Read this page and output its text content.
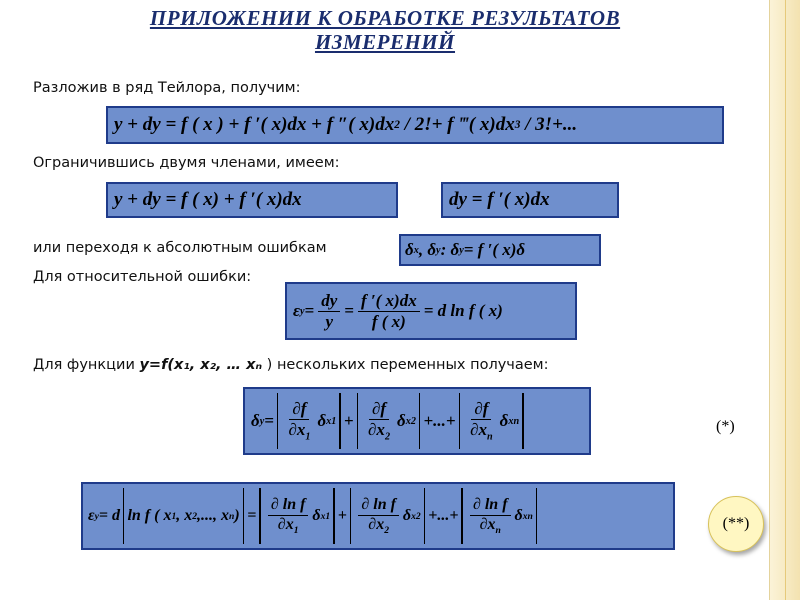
ПРИЛОЖЕНИИ К ОБРАБОТКЕ РЕЗУЛЬТАТОВ
ИЗМЕРЕНИЙ
Разложив в ряд Тейлора, получим:
y + dy = f ( x ) + f ′( x)dx + f ″( x)dx 2 / 2!+ f ‴( x)dx 3 / 3!+...
Ограничившись двумя членами, имеем:
y + dy = f ( x) + f ′( x)dx	dy = f ′( x)dx
или переходя к абсолютным ошибкам	δ x , δ y : δ y = f ′( x)δ
Для относительной ошибки:
ε $y = \frac{dy}{y} = \frac{f '( x)dx}{f ( x)} = d$ ln f ( x)
Для функции y=f(x₁, x₂, … xₙ ) нескольких переменных получаем:
δ $y = \frac{\partial f}{\partial x_1}$ δ $x1 + \frac{\partial f}{\partial x_2}$ δ x2 +...+ $\frac{\partial f}{\partial x_n}$ δ xn	(*)
ε y = d ln f ( x 1 , x 2 ,..., x n ) = $\frac{\text{∂ ln f}}{\partial x_1}$ δ $x1 + \frac{\text{∂ ln f}}{\partial x_2}$ δ x2 +...+ $\frac{\text{∂ ln f}}{\partial x_n}$ δ xn	(**)
